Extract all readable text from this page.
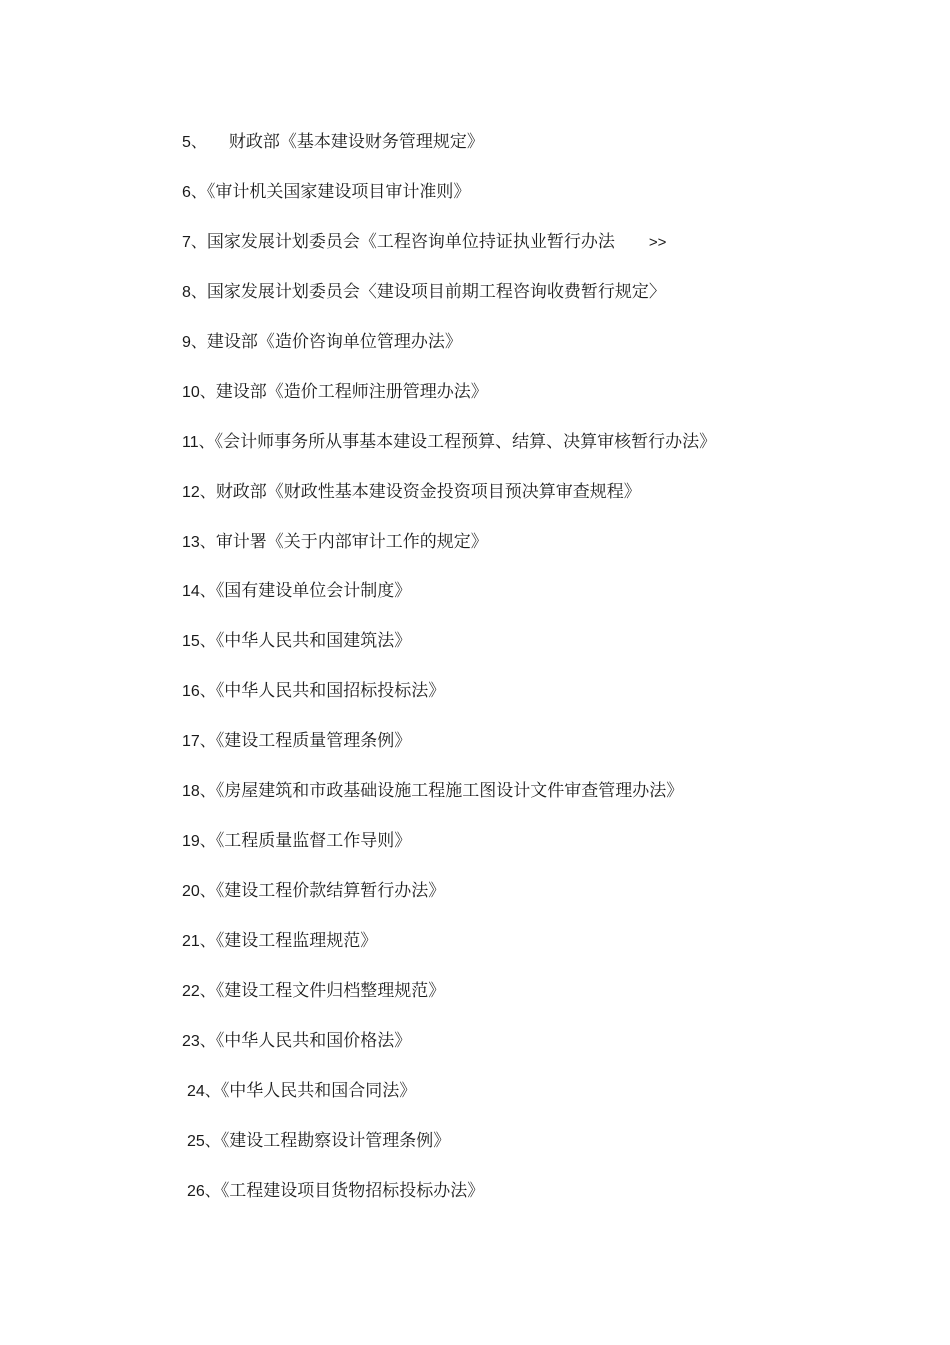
5、 财政部《基本建设财务管理规定》
6、《审计机关国家建设项目审计准则》
7、国家发展计划委员会《工程咨询单位持证执业暂行办法 >>
8、国家发展计划委员会〈建设项目前期工程咨询收费暂行规定〉
9、建设部《造价咨询单位管理办法》
10、建设部《造价工程师注册管理办法》
11、《会计师事务所从事基本建设工程预算、结算、决算审核暂行办法》
12、财政部《财政性基本建设资金投资项目预决算审查规程》
13、审计署《关于内部审计工作的规定》
14、《国有建设单位会计制度》
15、《中华人民共和国建筑法》
16、《中华人民共和国招标投标法》
17、《建设工程质量管理条例》
18、《房屋建筑和市政基础设施工程施工图设计文件审查管理办法》
19、《工程质量监督工作导则》
20、《建设工程价款结算暂行办法》
21、《建设工程监理规范》
22、《建设工程文件归档整理规范》
23、《中华人民共和国价格法》
24、《中华人民共和国合同法》
25、《建设工程勘察设计管理条例》
26、《工程建设项目货物招标投标办法》
